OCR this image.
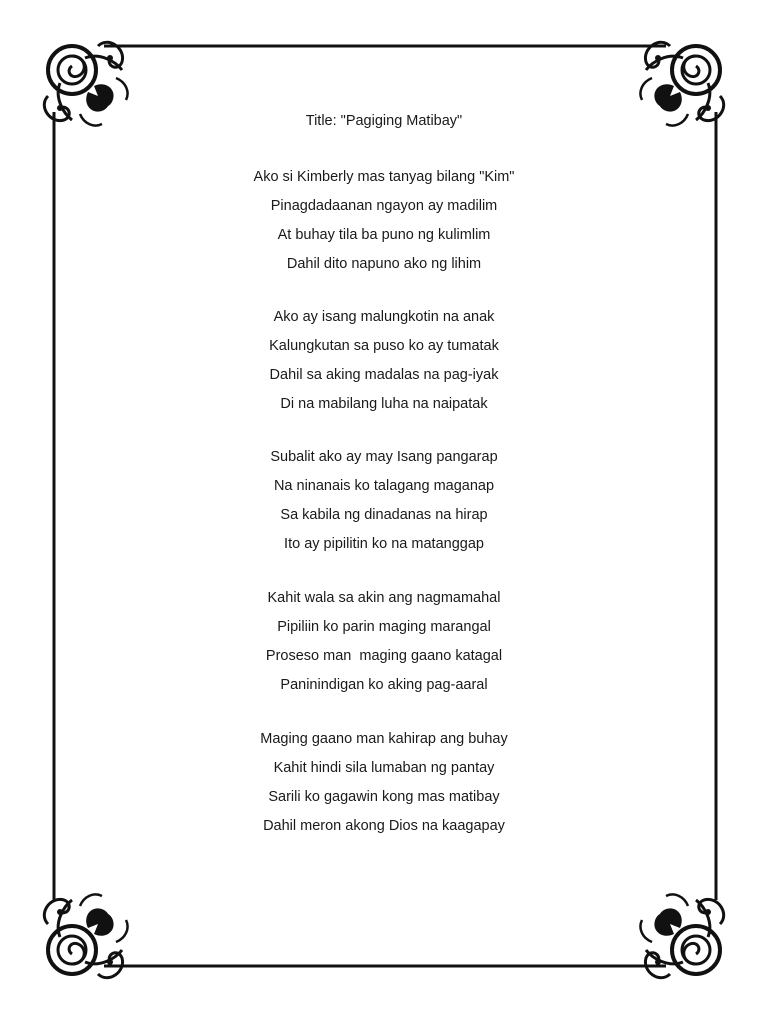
Title: "Pagiging Matibay"
Ako si Kimberly mas tanyag bilang "Kim"
Pinagdadaanan ngayon ay madilim
At buhay tila ba puno ng kulimlim
Dahil dito napuno ako ng lihim
Ako ay isang malungkotin na anak
Kalungkutan sa puso ko ay tumatak
Dahil sa aking madalas na pag-iyak
Di na mabilang luha na naipatak
Subalit ako ay may Isang pangarap
Na ninanais ko talagang maganap
Sa kabila ng dinadanas na hirap
Ito ay pipilitin ko na matanggap
Kahit wala sa akin ang nagmamahal
Pipiliin ko parin maging marangal
Proseso man  maging gaano katagal
Paninindigan ko aking pag-aaral
Maging gaano man kahirap ang buhay
Kahit hindi sila lumaban ng pantay
Sarili ko gagawin kong mas matibay
Dahil meron akong Dios na kaagapay
